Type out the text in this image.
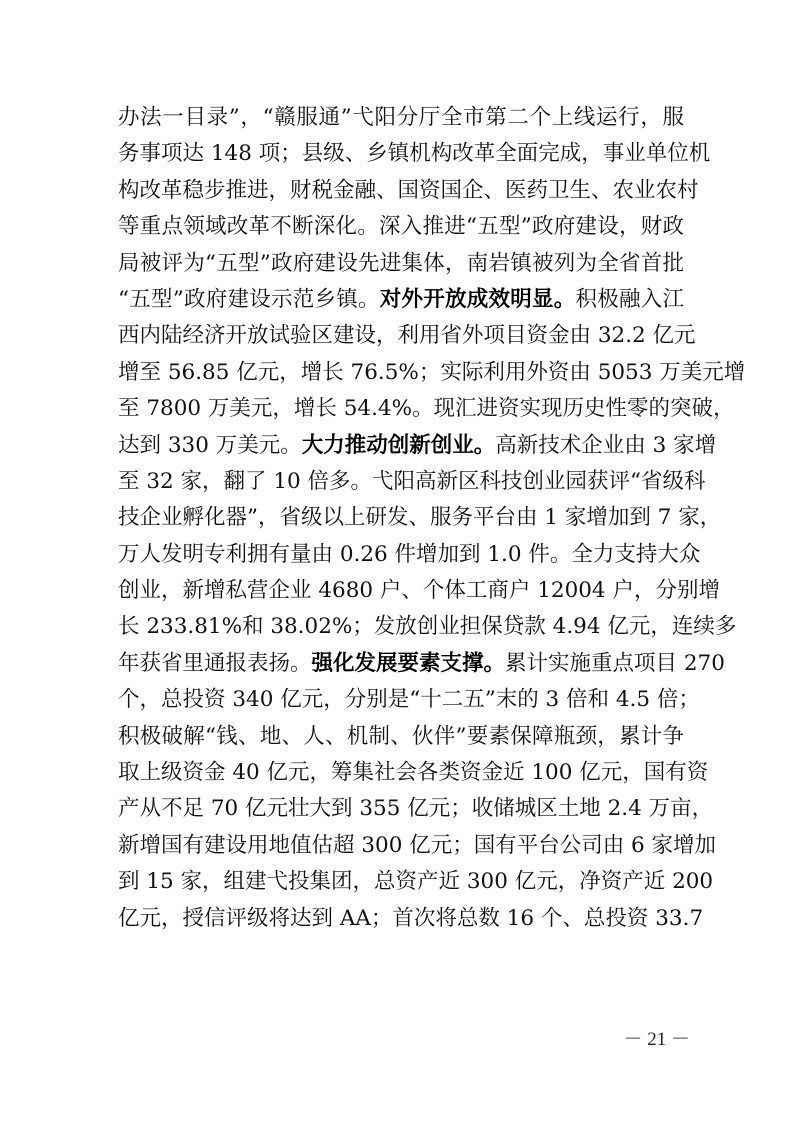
办法一目录”，“赣服通”弋阳分厅全市第二个上线运行，服
务事项达 148 项；县级、乡镇机构改革全面完成，事业单位机
构改革稳步推进，财税金融、国资国企、医药卫生、农业农村
等重点领域改革不断深化。深入推进“五型”政府建设，财政
局被评为“五型”政府建设先进集体，南岩镇被列为全省首批
“五型”政府建设示范乡镇。对外开放成效明显。积极融入江
西内陆经济开放试验区建设，利用省外项目资金由 32.2 亿元
增至 56.85 亿元，增长 76.5%；实际利用外资由 5053 万美元增
至 7800 万美元，增长 54.4%。现汇进资实现历史性零的突破，
达到 330 万美元。大力推动创新创业。高新技术企业由 3 家增
至 32 家，翻了 10 倍多。弋阳高新区科技创业园获评“省级科
技企业孵化器”，省级以上研发、服务平台由 1 家增加到 7 家，
万人发明专利拥有量由 0.26 件增加到 1.0 件。全力支持大众
创业，新增私营企业 4680 户、个体工商户 12004 户，分别增
长 233.81%和 38.02%；发放创业担保贷款 4.94 亿元，连续多
年获省里通报表扬。强化发展要素支撑。累计实施重点项目 270
个，总投资 340 亿元，分别是“十二五”末的 3 倍和 4.5 倍；
积极破解“钱、地、人、机制、伙伴”要素保障瓶颈，累计争
取上级资金 40 亿元，筹集社会各类资金近 100 亿元，国有资
产从不足 70 亿元壮大到 355 亿元；收储城区土地 2.4 万亩，
新增国有建设用地值估超 300 亿元；国有平台公司由 6 家增加
到 15 家，组建弋投集团，总资产近 300 亿元，净资产近 200
亿元，授信评级将达到 AA；首次将总数 16 个、总投资 33.7
－ 21 －
